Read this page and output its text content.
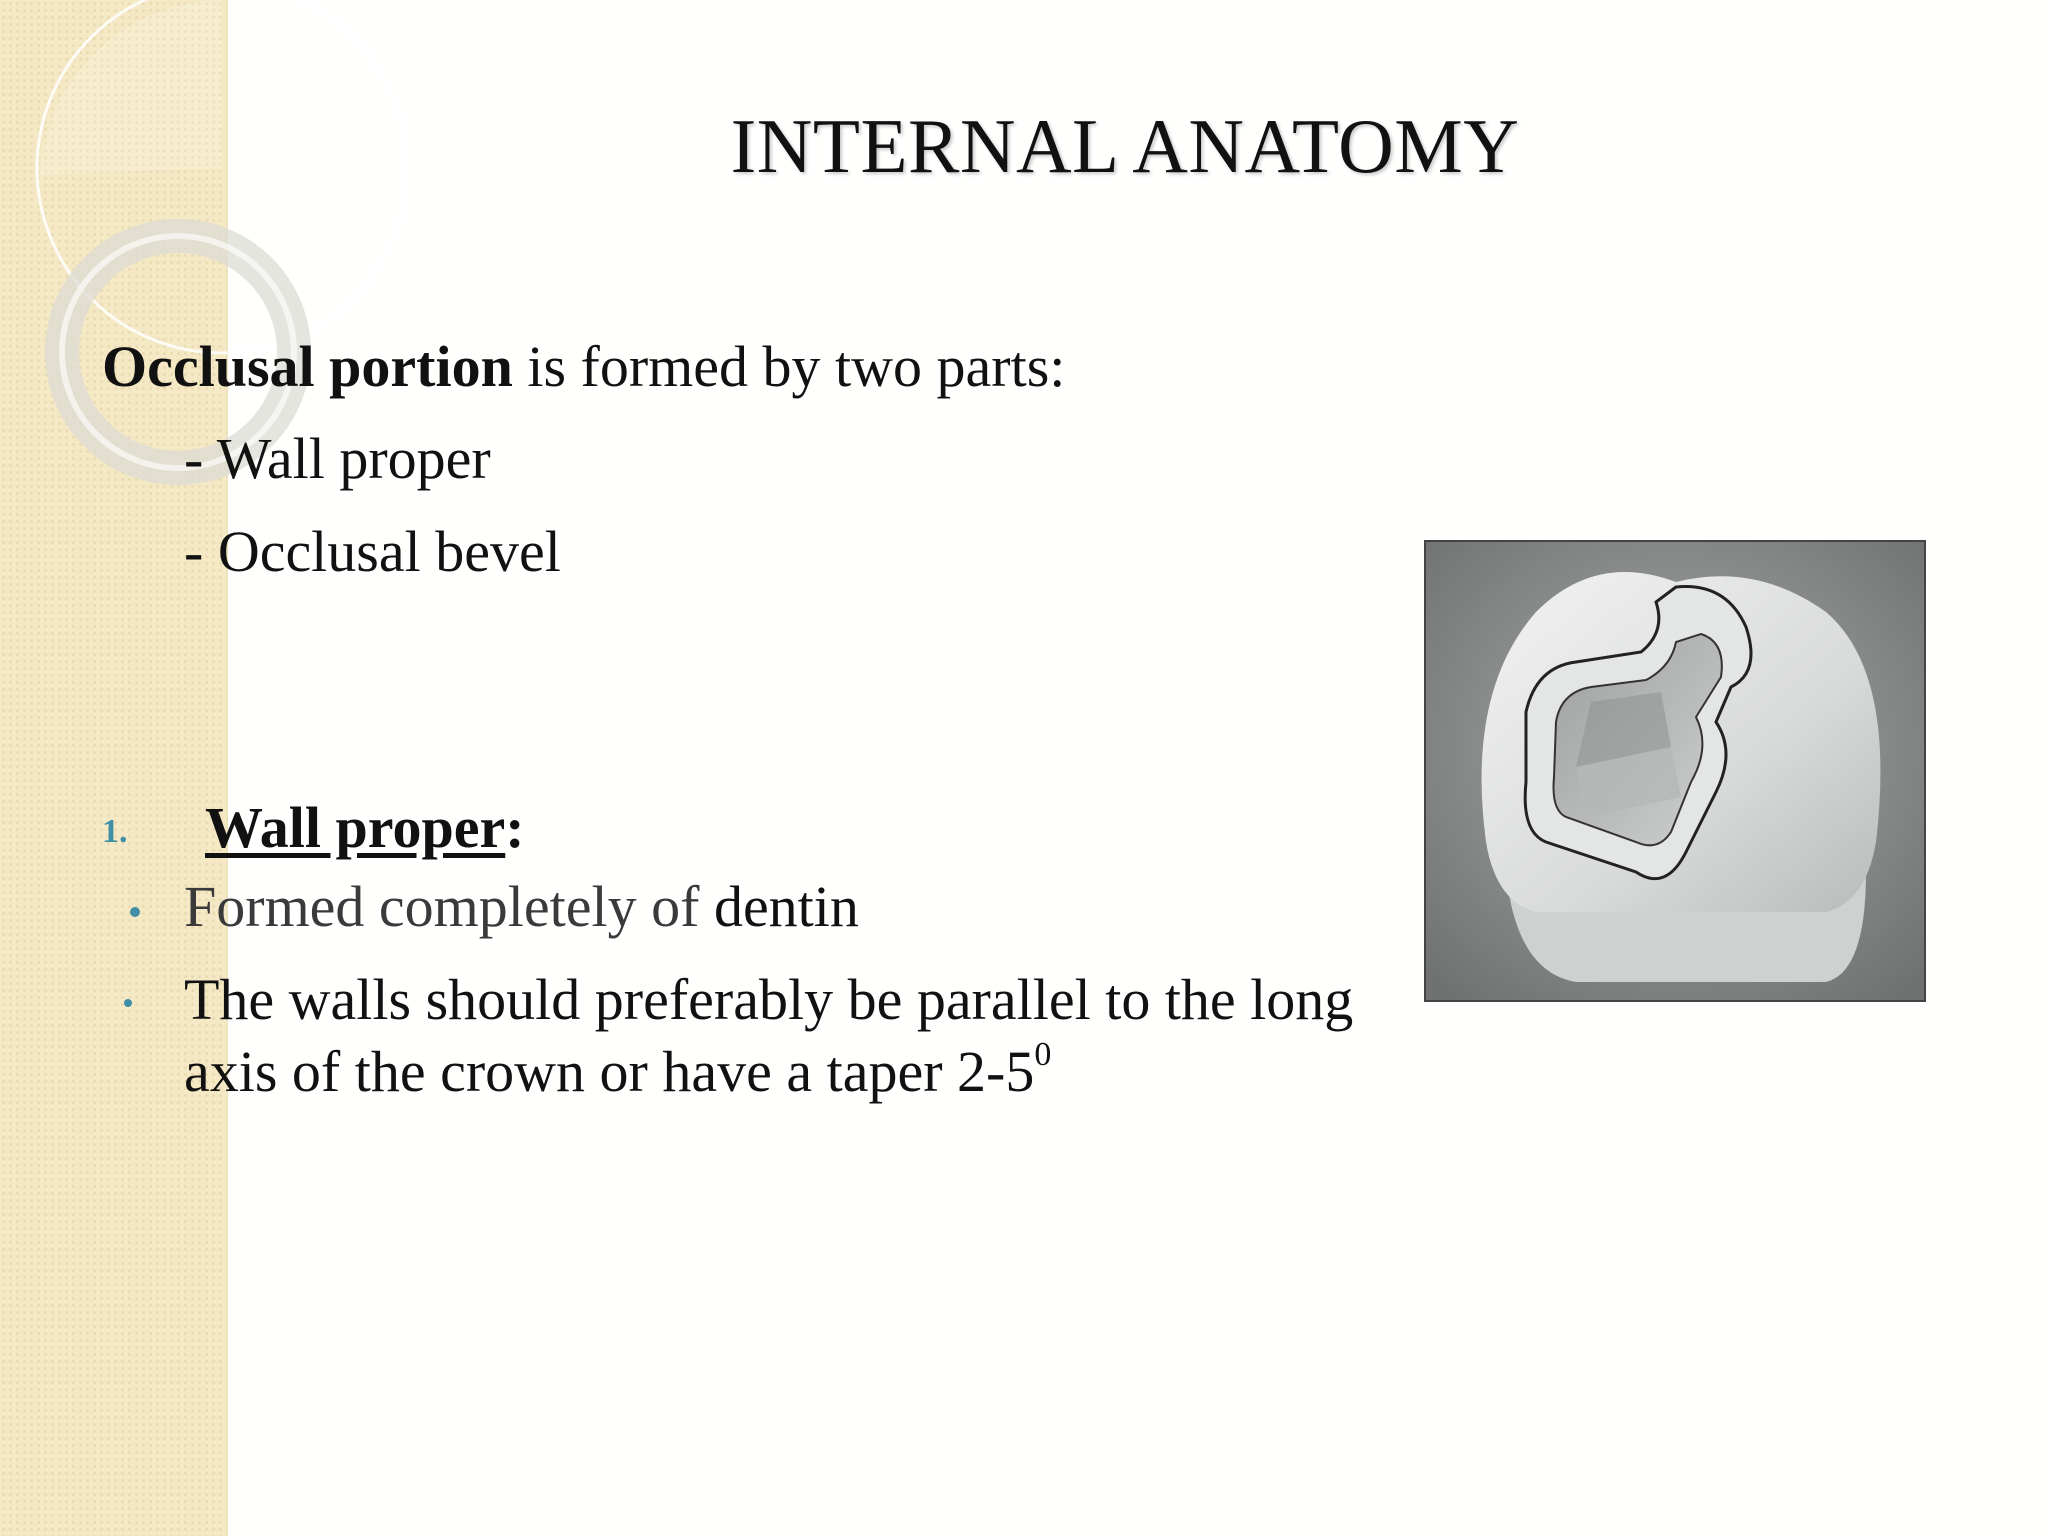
INTERNAL ANATOMY
Occlusal portion is formed by two parts:
- Wall proper
- Occlusal bevel
1. Wall proper:
Formed completely of dentin
The walls should preferably be parallel to the long axis of the crown or have a taper $2-5^0$
